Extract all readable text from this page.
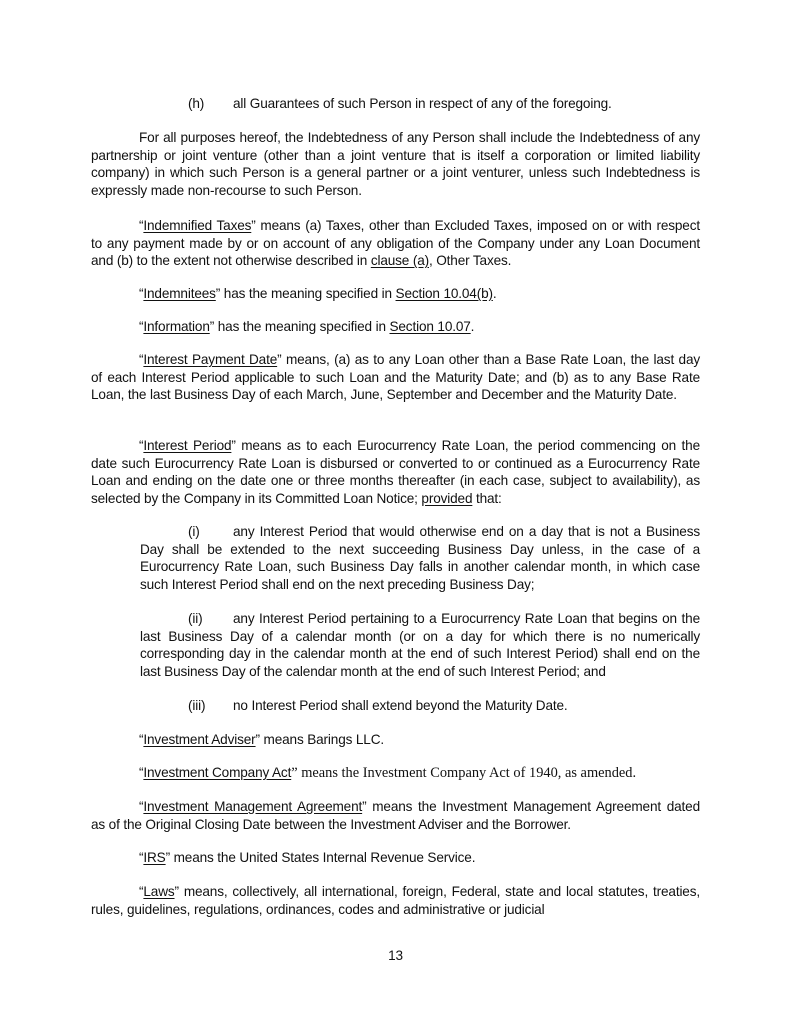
(h) all Guarantees of such Person in respect of any of the foregoing.

For all purposes hereof, the Indebtedness of any Person shall include the Indebtedness of any partnership or joint venture (other than a joint venture that is itself a corporation or limited liability company) in which such Person is a general partner or a joint venturer, unless such Indebtedness is expressly made non-recourse to such Person.

“Indemnified Taxes” means (a) Taxes, other than Excluded Taxes, imposed on or with respect to any payment made by or on account of any obligation of the Company under any Loan Document and (b) to the extent not otherwise described in clause (a), Other Taxes.

“Indemnitees” has the meaning specified in Section 10.04(b).

“Information” has the meaning specified in Section 10.07.

“Interest Payment Date” means, (a) as to any Loan other than a Base Rate Loan, the last day of each Interest Period applicable to such Loan and the Maturity Date; and (b) as to any Base Rate Loan, the last Business Day of each March, June, September and December and the Maturity Date.

“Interest Period” means as to each Eurocurrency Rate Loan, the period commencing on the date such Eurocurrency Rate Loan is disbursed or converted to or continued as a Eurocurrency Rate Loan and ending on the date one or three months thereafter (in each case, subject to availability), as selected by the Company in its Committed Loan Notice; provided that:

(i) any Interest Period that would otherwise end on a day that is not a Business Day shall be extended to the next succeeding Business Day unless, in the case of a Eurocurrency Rate Loan, such Business Day falls in another calendar month, in which case such Interest Period shall end on the next preceding Business Day;

(ii) any Interest Period pertaining to a Eurocurrency Rate Loan that begins on the last Business Day of a calendar month (or on a day for which there is no numerically corresponding day in the calendar month at the end of such Interest Period) shall end on the last Business Day of the calendar month at the end of such Interest Period; and

(iii) no Interest Period shall extend beyond the Maturity Date.

“Investment Adviser” means Barings LLC.

“Investment Company Act” means the Investment Company Act of 1940, as amended.

“Investment Management Agreement” means the Investment Management Agreement dated as of the Original Closing Date between the Investment Adviser and the Borrower.

“IRS” means the United States Internal Revenue Service.

“Laws” means, collectively, all international, foreign, Federal, state and local statutes, treaties, rules, guidelines, regulations, ordinances, codes and administrative or judicial

13
